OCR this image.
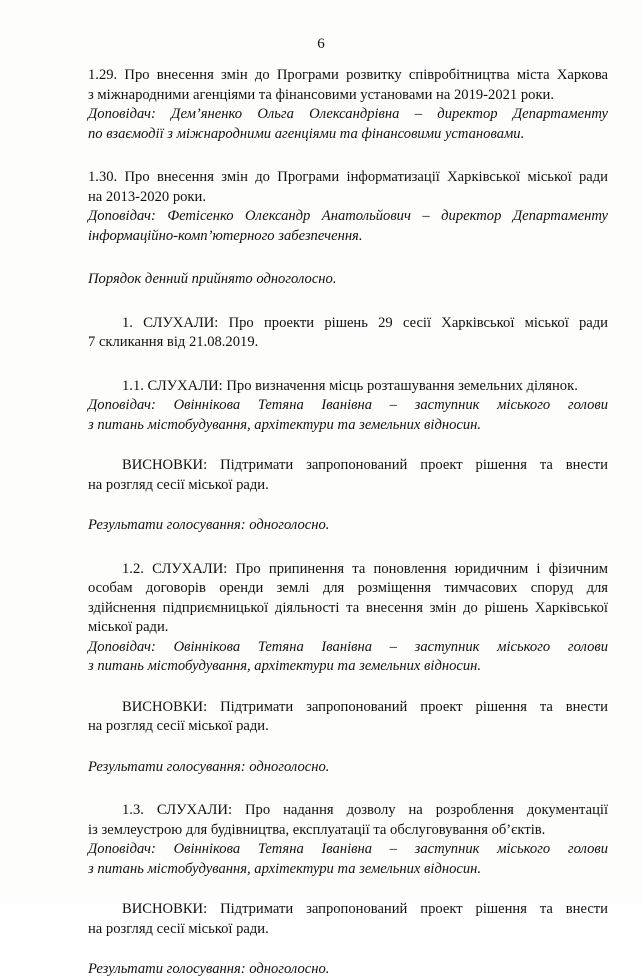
6
1.29. Про внесення змін до Програми розвитку співробітництва міста Харкова
з міжнародними агенціями та фінансовими установами на 2019-2021 роки.
Доповідач: Дем’яненко Ольга Олександрівна – директор Департаменту
по взаємодії з міжнародними агенціями та фінансовими установами.
1.30. Про внесення змін до Програми інформатизації Харківської міської ради
на 2013-2020 роки.
Доповідач: Фетісенко Олександр Анатольйович – директор Департаменту
інформаційно-комп’ютерного забезпечення.
Порядок денний прийнято одноголосно.
1. СЛУХАЛИ: Про проекти рішень 29 сесії Харківської міської ради
7 скликання від 21.08.2019.
1.1. СЛУХАЛИ: Про визначення місць розташування земельних ділянок.
Доповідач: Овіннікова Тетяна Іванівна – заступник міського голови
з питань містобудування, архітектури та земельних відносин.
ВИСНОВКИ: Підтримати запропонований проект рішення та внести
на розгляд сесії міської ради.
Результати голосування: одноголосно.
1.2. СЛУХАЛИ: Про припинення та поновлення юридичним і фізичним
особам договорів оренди землі для розміщення тимчасових споруд для
здійснення підприємницької діяльності та внесення змін до рішень Харківської
міської ради.
Доповідач: Овіннікова Тетяна Іванівна – заступник міського голови
з питань містобудування, архітектури та земельних відносин.
ВИСНОВКИ: Підтримати запропонований проект рішення та внести
на розгляд сесії міської ради.
Результати голосування: одноголосно.
1.3. СЛУХАЛИ: Про надання дозволу на розроблення документації
із землеустрою для будівництва, експлуатації та обслуговування об’єктів.
Доповідач: Овіннікова Тетяна Іванівна – заступник міського голови
з питань містобудування, архітектури та земельних відносин.
ВИСНОВКИ: Підтримати запропонований проект рішення та внести
на розгляд сесії міської ради.
Результати голосування: одноголосно.
